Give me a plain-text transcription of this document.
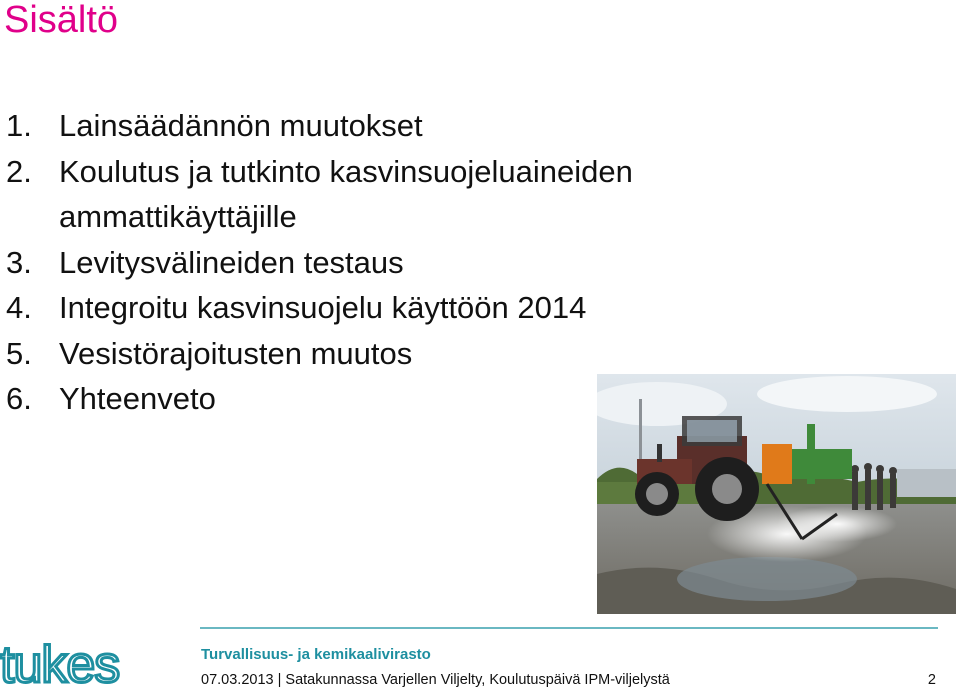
Sisältö
1. Lainsäädännön muutokset
2. Koulutus ja tutkinto kasvinsuojeluaineiden ammattikäyttäjille
3. Levitysvälineiden testaus
4. Integroitu kasvinsuojelu käyttöön 2014
5. Vesistörajoitusten muutos
6. Yhteenveto
tukes	Turvallisuus- ja kemikaalivirasto
07.03.2013 | Satakunnassa Varjellen Viljelty, Koulutuspäivä IPM-viljelystä	2
